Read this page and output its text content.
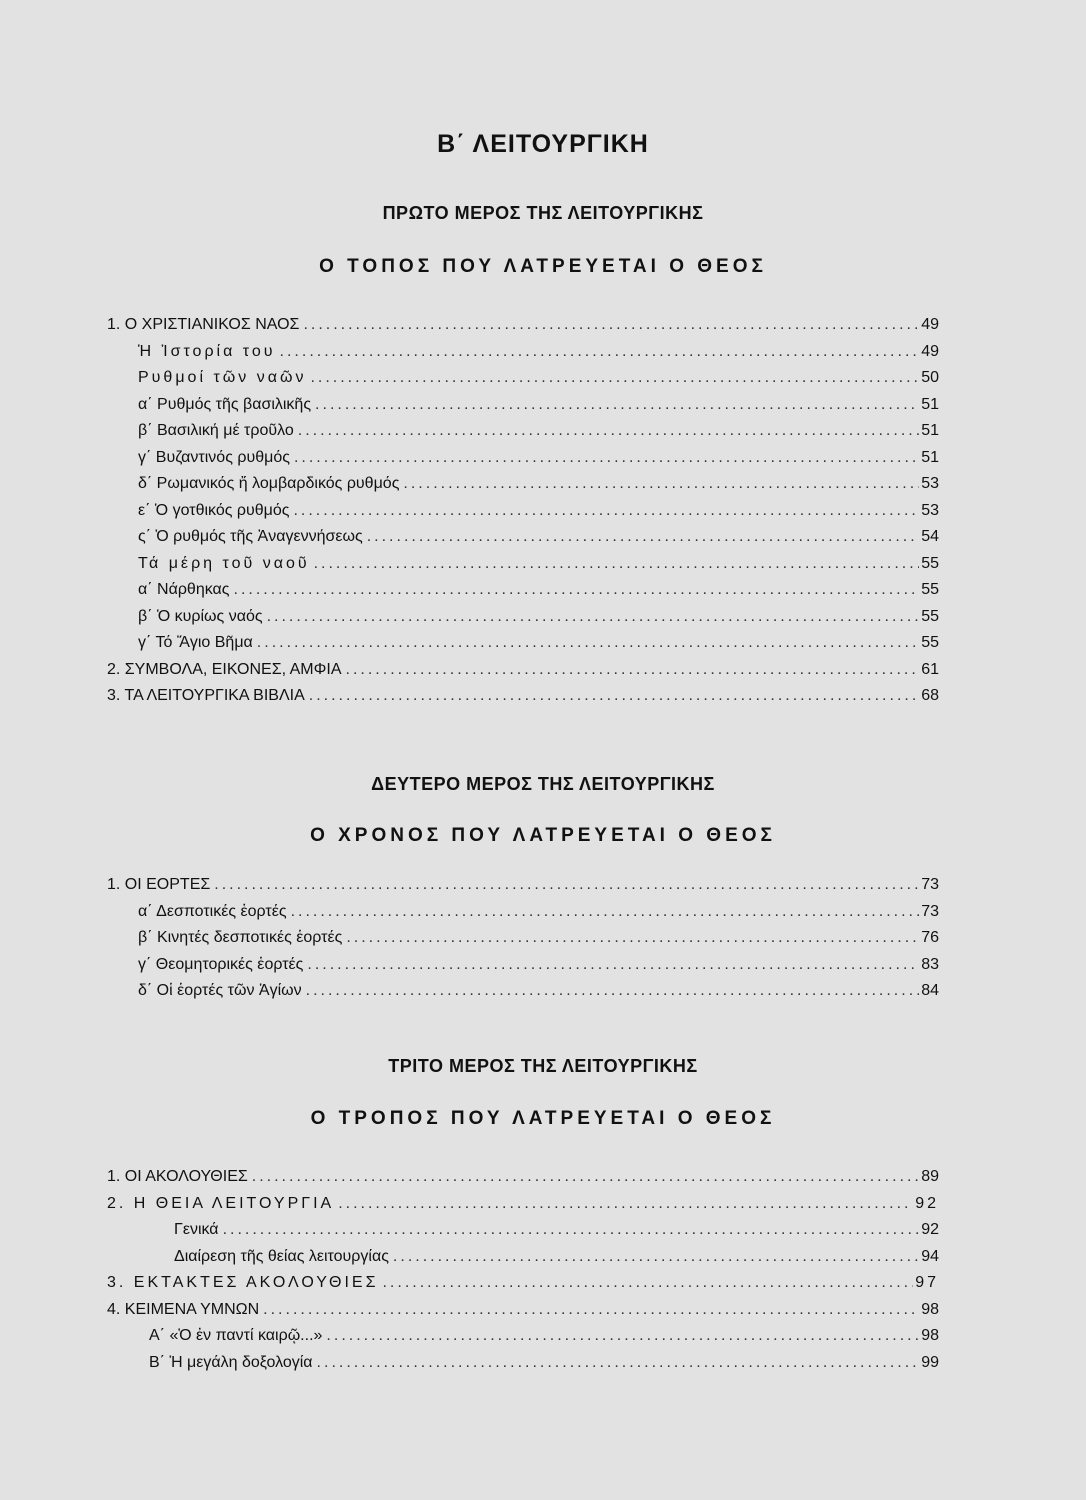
Β΄ ΛΕΙΤΟΥΡΓΙΚΗ
ΠΡΩΤΟ ΜΕΡΟΣ ΤΗΣ ΛΕΙΤΟΥΡΓΙΚΗΣ
Ο ΤΟΠΟΣ ΠΟΥ ΛΑΤΡΕΥΕΤΑΙ Ο ΘΕΟΣ
1. Ο ΧΡΙΣΤΙΑΝΙΚΟΣ ΝΑΟΣ .....	49
Ἡ Ἱστορία του .....	49
Ρυθμοί τῶν ναῶν .....	50
α΄ Ρυθμός τῆς βασιλικῆς .....	51
β΄ Βασιλική μέ τροῦλο .....	51
γ΄ Βυζαντινός ρυθμός .....	51
δ΄ Ρωμανικός ἤ λομβαρδικός ρυθμός .....	53
ε΄ Ὁ γοτθικός ρυθμός .....	53
ς΄ Ὁ ρυθμός τῆς Ἀναγεννήσεως .....	54
Τά μέρη τοῦ ναοῦ .....	55
α΄ Νάρθηκας .....	55
β΄ Ὁ κυρίως ναός .....	55
γ΄ Τό Ἅγιο Βῆμα .....	55
2. ΣΥΜΒΟΛΑ, ΕΙΚΟΝΕΣ, ΑΜΦΙΑ .....	61
3. ΤΑ ΛΕΙΤΟΥΡΓΙΚΑ ΒΙΒΛΙΑ .....	68
ΔΕΥΤΕΡΟ ΜΕΡΟΣ ΤΗΣ ΛΕΙΤΟΥΡΓΙΚΗΣ
Ο ΧΡΟΝΟΣ ΠΟΥ ΛΑΤΡΕΥΕΤΑΙ Ο ΘΕΟΣ
1. ΟΙ ΕΟΡΤΕΣ .....	73
α΄ Δεσποτικές ἑορτές .....	73
β΄ Κινητές δεσποτικές ἑορτές .....	76
γ΄ Θεομητορικές ἑορτές .....	83
δ΄ Οἱ ἑορτές τῶν Ἁγίων .....	84
ΤΡΙΤΟ ΜΕΡΟΣ ΤΗΣ ΛΕΙΤΟΥΡΓΙΚΗΣ
Ο ΤΡΟΠΟΣ ΠΟΥ ΛΑΤΡΕΥΕΤΑΙ Ο ΘΕΟΣ
1. ΟΙ ΑΚΟΛΟΥΘΙΕΣ .....	89
2. Η ΘΕΙΑ ΛΕΙΤΟΥΡΓΙΑ .....	92
Γενικά .....	92
Διαίρεση τῆς θείας λειτουργίας .....	94
3. ΕΚΤΑΚΤΕΣ ΑΚΟΛΟΥΘΙΕΣ .....	97
4. ΚΕΙΜΕΝΑ ΥΜΝΩΝ .....	98
Α΄ «Ὁ ἐν παντί καιρῷ...» .....	98
Β΄ Ἡ μεγάλη δοξολογία .....	99
